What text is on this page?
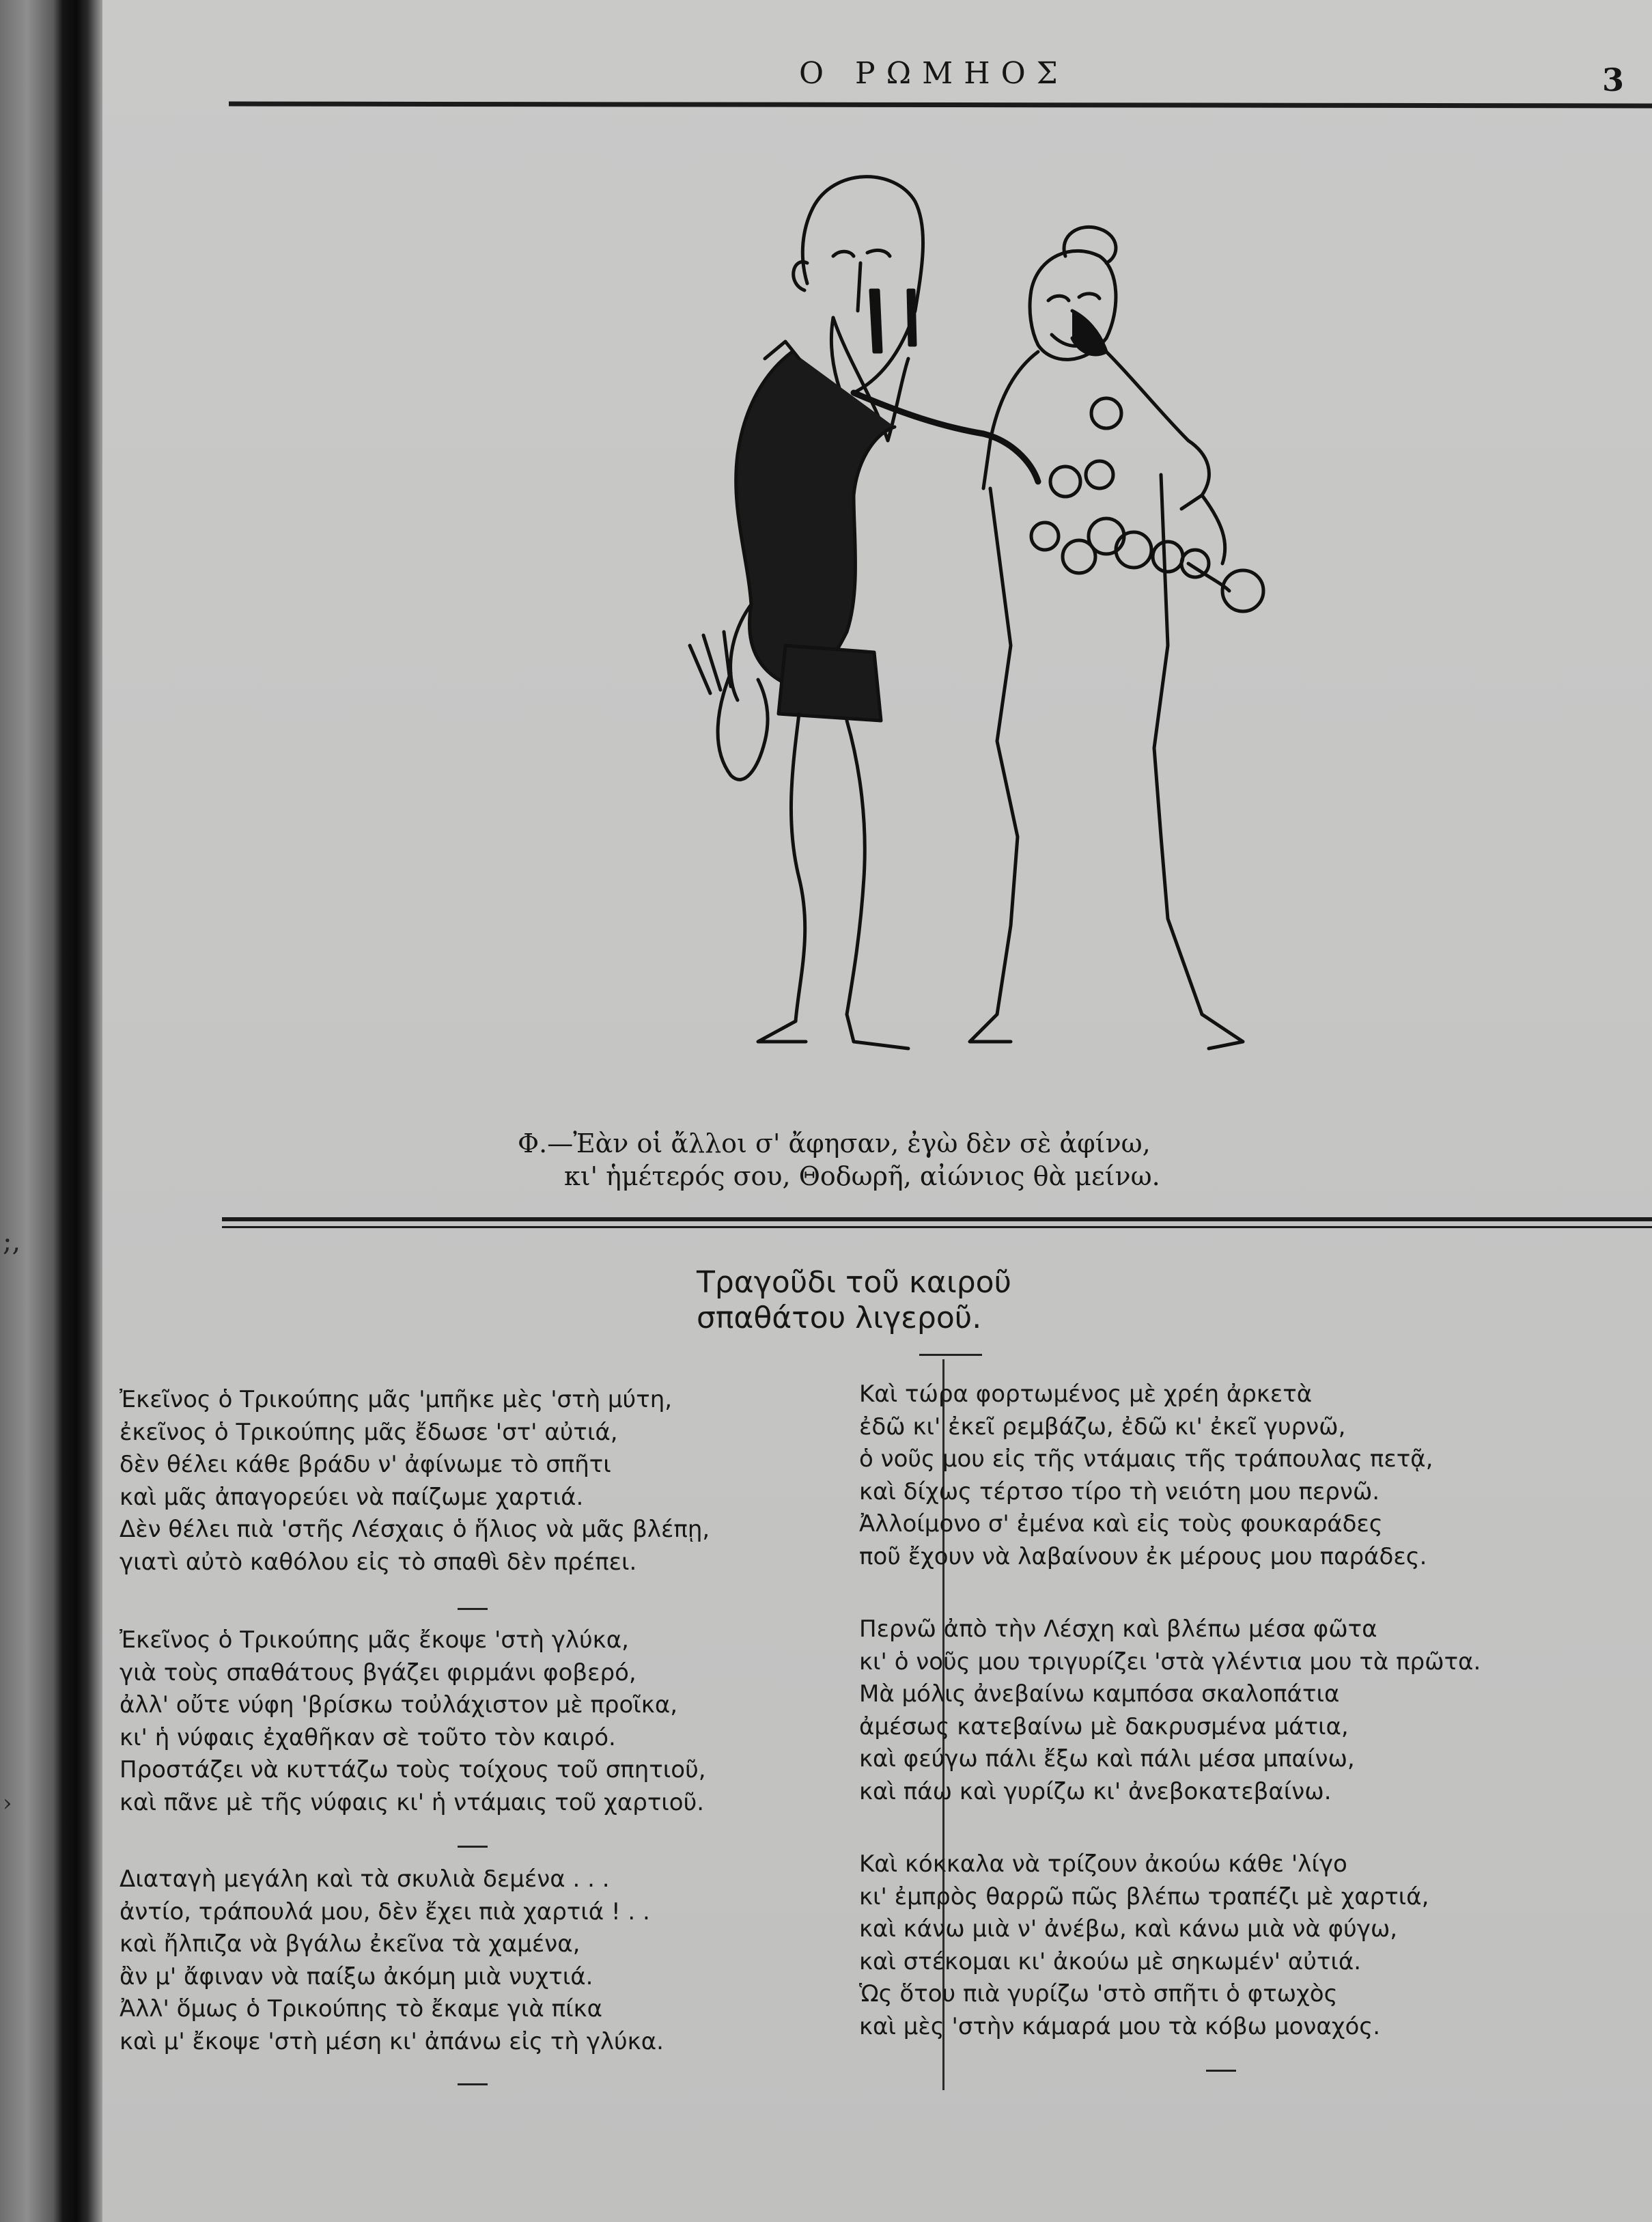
;,
›
Ο ΡΩΜΗΟΣ	3
Φ.—Ἐὰν οἱ ἄλλοι σ' ἄφησαν, ἐγὼ δὲν σὲ ἀφίνω,
κι' ἡμέτερός σου, Θοδωρῆ, αἰώνιος θὰ μείνω.
Τραγοῦδι τοῦ καιροῦ
σπαθάτου λιγεροῦ.
Ἐκεῖνος ὁ Τρικούπης μᾶς 'μπῆκε μὲς 'στὴ μύτη,
ἐκεῖνος ὁ Τρικούπης μᾶς ἔδωσε 'στ' αὐτιά,
δὲν θέλει κάθε βράδυ ν' ἀφίνωμε τὸ σπῆτι
καὶ μᾶς ἀπαγορεύει νὰ παίζωμε χαρτιά.
Δὲν θέλει πιὰ 'στῆς Λέσχαις ὁ ἥλιος νὰ μᾶς βλέπῃ,
γιατὶ αὐτὸ καθόλου εἰς τὸ σπαθὶ δὲν πρέπει.
Ἐκεῖνος ὁ Τρικούπης μᾶς ἔκοψε 'στὴ γλύκα,
γιὰ τοὺς σπαθάτους βγάζει φιρμάνι φοβερό,
ἀλλ' οὔτε νύφη 'βρίσκω τοὐλάχιστον μὲ προῖκα,
κι' ἡ νύφαις ἐχαθῆκαν σὲ τοῦτο τὸν καιρό.
Προστάζει νὰ κυττάζω τοὺς τοίχους τοῦ σπητιοῦ,
καὶ πᾶνε μὲ τῆς νύφαις κι' ἡ ντάμαις τοῦ χαρτιοῦ.
Διαταγὴ μεγάλη καὶ τὰ σκυλιὰ δεμένα . . .
ἀντίο, τράπουλά μου, δὲν ἔχει πιὰ χαρτιά ! . .
καὶ ἤλπιζα νὰ βγάλω ἐκεῖνα τὰ χαμένα,
ἂν μ' ἄφιναν νὰ παίξω ἀκόμη μιὰ νυχτιά.
Ἀλλ' ὅμως ὁ Τρικούπης τὸ ἔκαμε γιὰ πίκα
καὶ μ' ἔκοψε 'στὴ μέση κι' ἀπάνω εἰς τὴ γλύκα.
Καὶ τώρα φορτωμένος μὲ χρέη ἀρκετὰ
ἐδῶ κι' ἐκεῖ ρεμβάζω, ἐδῶ κι' ἐκεῖ γυρνῶ,
ὁ νοῦς μου εἰς τῆς ντάμαις τῆς τράπουλας πετᾷ,
καὶ δίχως τέρτσο τίρο τὴ νειότη μου περνῶ.
Ἀλλοίμονο σ' ἐμένα καὶ εἰς τοὺς φουκαράδες
ποῦ ἔχουν νὰ λαβαίνουν ἐκ μέρους μου παράδες.
Περνῶ ἀπὸ τὴν Λέσχη καὶ βλέπω μέσα φῶτα
κι' ὁ νοῦς μου τριγυρίζει 'στὰ γλέντια μου τὰ πρῶτα.
Μὰ μόλις ἀνεβαίνω καμπόσα σκαλοπάτια
ἀμέσως κατεβαίνω μὲ δακρυσμένα μάτια,
καὶ φεύγω πάλι ἔξω καὶ πάλι μέσα μπαίνω,
καὶ πάω καὶ γυρίζω κι' ἀνεβοκατεβαίνω.
Καὶ κόκκαλα νὰ τρίζουν ἀκούω κάθε 'λίγο
κι' ἐμπρὸς θαρρῶ πῶς βλέπω τραπέζι μὲ χαρτιά,
καὶ κάνω μιὰ ν' ἀνέβω, καὶ κάνω μιὰ νὰ φύγω,
καὶ στέκομαι κι' ἀκούω μὲ σηκωμέν' αὐτιά.
Ὡς ὅτου πιὰ γυρίζω 'στὸ σπῆτι ὁ φτωχὸς
καὶ μὲς 'στὴν κάμαρά μου τὰ κόβω μοναχός.
